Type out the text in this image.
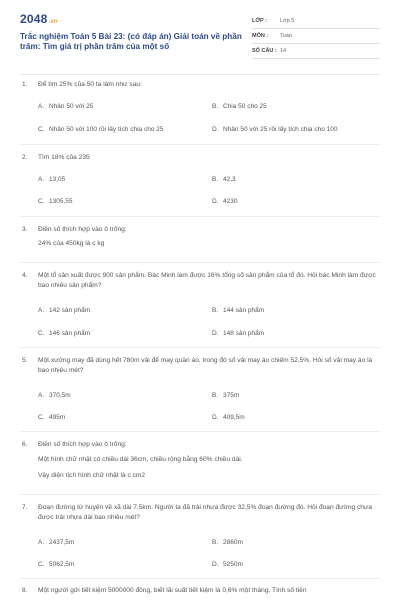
2048.vn
Trắc nghiệm Toán 5 Bài 23: (có đáp án) Giải toán về phần trăm: Tìm giá trị phần trăm của một số
LỚP :	Lớp 5
MÔN :	Toán
SỐ CÂU : 14
1. Để tìm 25% của 50 ta làm như sau:
A. Nhân 50 với 25	B. Chia 50 cho 25
C. Nhân 50 với 100 rồi lấy tích chia cho 25	D. Nhân 50 với 25 rồi lấy tích chia cho 100
2. Tìm 18% của 235
A. 13,05	B. 42,3
C. 1305,55	D. 4230
3. Điền số thích hợp vào ô trống:
24% của 450kg là c kg
4. Một tổ sản xuất được 900 sản phẩm. Bác Minh làm được 16% tổng số sản phẩm của tổ đó. Hỏi bác Minh làm được bao nhiêu sản phẩm?
A. 142 sản phẩm	B. 144 sản phẩm
C. 146 sản phẩm	D. 148 sản phẩm
5. Một xưởng may đã dùng hết 780m vải để may quần áo, trong đó số vải may áo chiếm 52,5%. Hỏi số vải may áo là bao nhiêu mét?
A. 370,5m	B. 375m
C. 495m	D. 409,5m
6. Điền số thích hợp vào ô trống:
Một hình chữ nhật có chiều dài 36cm, chiều rộng bằng 60% chiều dài.
Vậy diện tích hình chữ nhật là c cm2
7. Đoạn đường từ huyện về xã dài 7,5km. Người ta đã trải nhựa được 32,5% đoạn đường đó. Hỏi đoạn đường chưa được trải nhựa dài bao nhiêu mét?
A. 2437,5m	B. 2860m
C. 5062,5m	D. 5250m
8. Một người gửi tiết kiệm 5000000 đồng, biết lãi suất tiết kiệm là 0,6% một tháng. Tính số tiền
